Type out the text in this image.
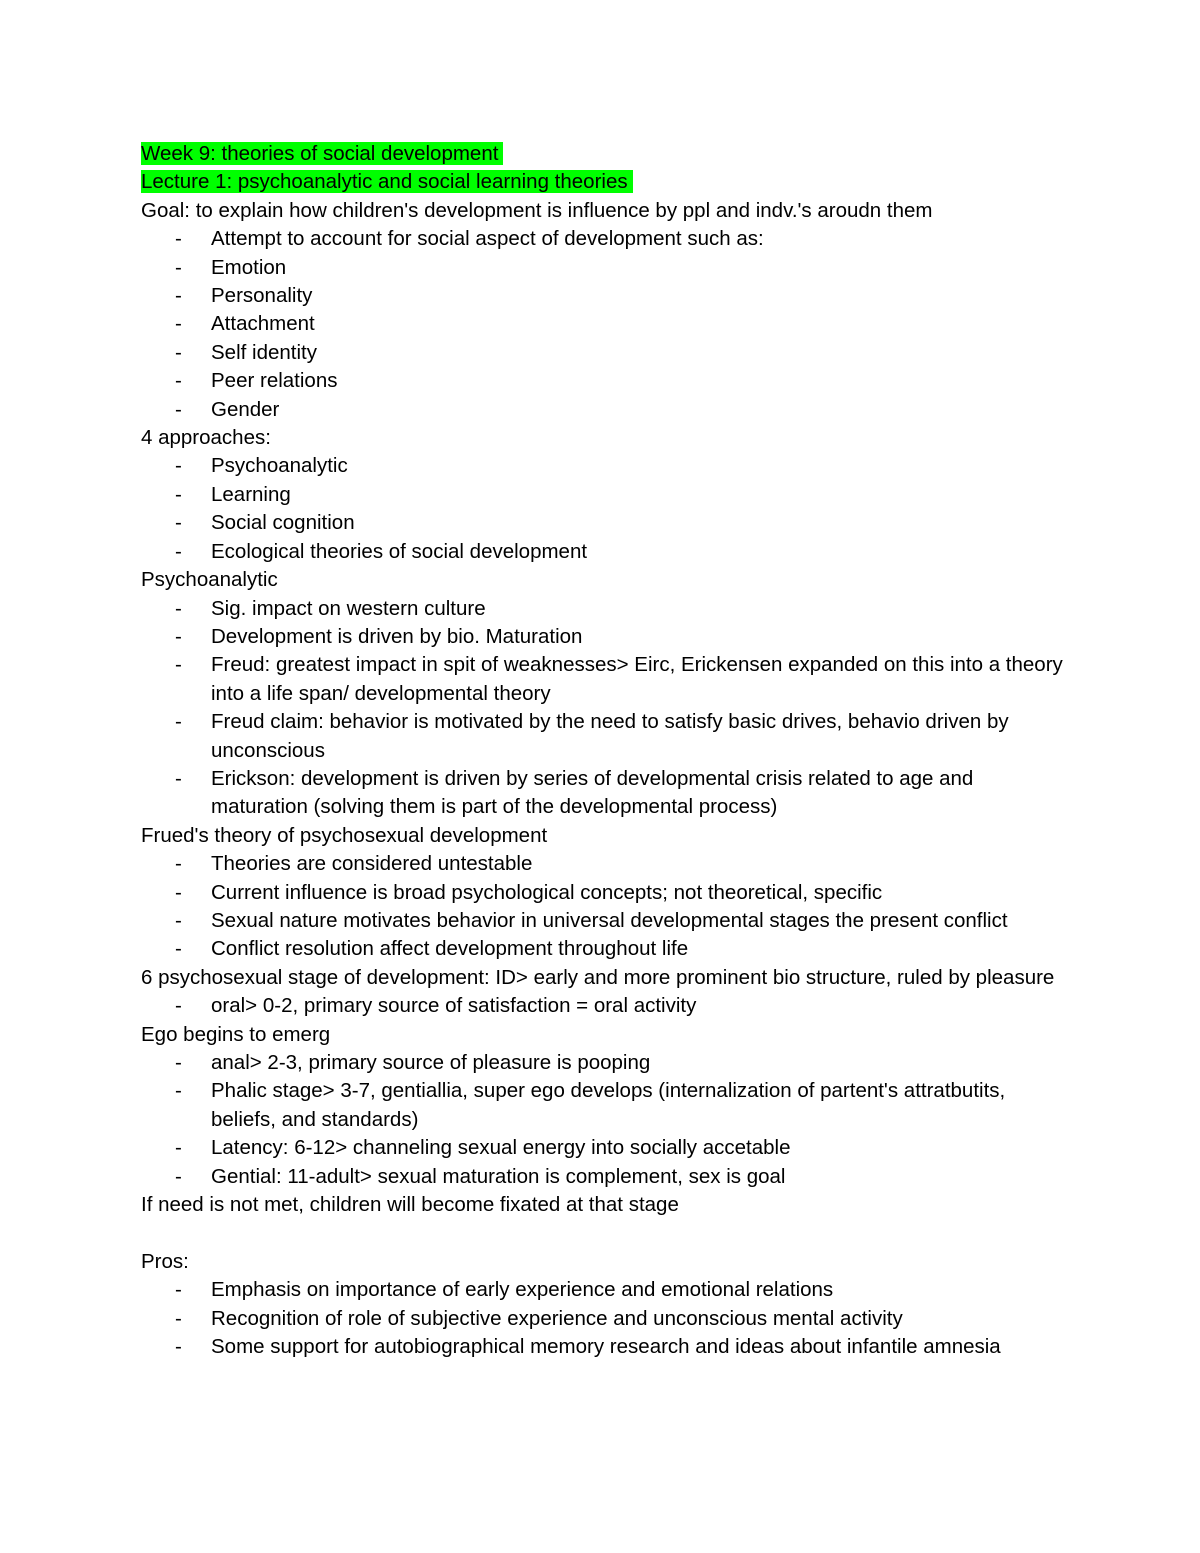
Week 9: theories of social development

Lecture 1: psychoanalytic and social learning theories

Goal: to explain how children's development is influence by ppl and indv.'s aroudn them

- Attempt to account for social aspect of development such as:
- Emotion
- Personality
- Attachment
- Self identity
- Peer relations
- Gender

4 approaches:

- Psychoanalytic
- Learning
- Social cognition
- Ecological theories of social development

Psychoanalytic

- Sig. impact on western culture
- Development is driven by bio. Maturation
- Freud: greatest impact in spit of weaknesses> Eirc, Erickensen expanded on this into a theory into a life span/ developmental theory
- Freud claim: behavior is motivated by the need to satisfy basic drives, behavio driven by unconscious
- Erickson: development is driven by series of developmental crisis related to age and maturation (solving them is part of the developmental process)

Frued's theory of psychosexual development

- Theories are considered untestable
- Current influence is broad psychological concepts; not theoretical, specific
- Sexual nature motivates behavior in universal developmental stages the present conflict
- Conflict resolution affect development throughout life

6 psychosexual stage of development: ID> early and more prominent bio structure, ruled by pleasure

- oral> 0-2, primary source of satisfaction = oral activity

Ego begins to emerg

- anal> 2-3, primary source of pleasure is pooping
- Phalic stage> 3-7, gentiallia, super ego develops (internalization of partent's attratbutits, beliefs, and standards)
- Latency: 6-12> channeling sexual energy into socially accetable
- Gential: 11-adult> sexual maturation is complement, sex is goal

If need is not met, children will become fixated at that stage

Pros:

- Emphasis on importance of early experience and emotional relations
- Recognition of role of subjective experience and unconscious mental activity
- Some support for autobiographical memory research and ideas about infantile amnesia
